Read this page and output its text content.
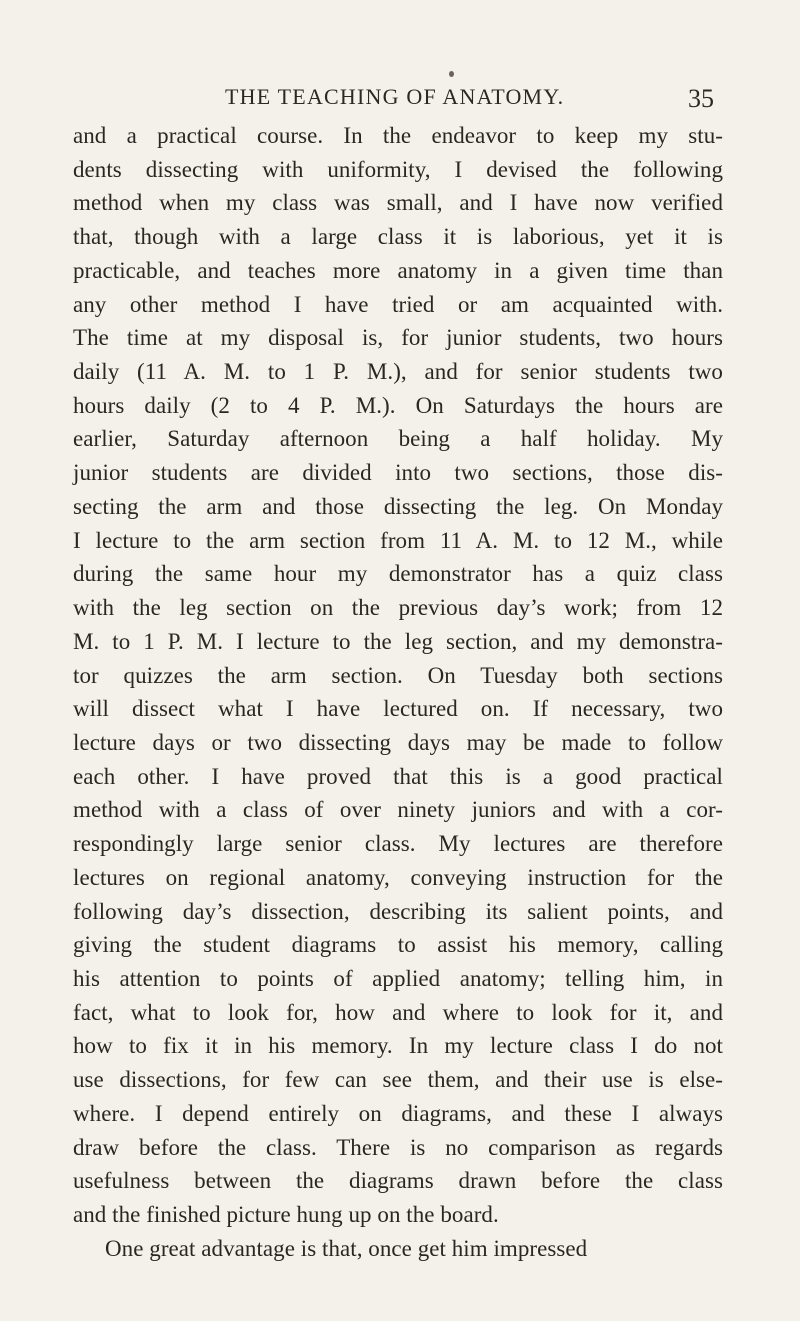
THE TEACHING OF ANATOMY.	35
and a practical course. In the endeavor to keep my stu-
dents dissecting with uniformity, I devised the following
method when my class was small, and I have now verified
that, though with a large class it is laborious, yet it is
practicable, and teaches more anatomy in a given time than
any other method I have tried or am acquainted with.
The time at my disposal is, for junior students, two hours
daily (11 A. M. to 1 P. M.), and for senior students two
hours daily (2 to 4 P. M.). On Saturdays the hours are
earlier, Saturday afternoon being a half holiday. My
junior students are divided into two sections, those dis-
secting the arm and those dissecting the leg. On Monday
I lecture to the arm section from 11 A. M. to 12 M., while
during the same hour my demonstrator has a quiz class
with the leg section on the previous day’s work; from 12
M. to 1 P. M. I lecture to the leg section, and my demonstra-
tor quizzes the arm section. On Tuesday both sections
will dissect what I have lectured on. If necessary, two
lecture days or two dissecting days may be made to follow
each other. I have proved that this is a good practical
method with a class of over ninety juniors and with a cor-
respondingly large senior class. My lectures are therefore
lectures on regional anatomy, conveying instruction for the
following day’s dissection, describing its salient points, and
giving the student diagrams to assist his memory, calling
his attention to points of applied anatomy; telling him, in
fact, what to look for, how and where to look for it, and
how to fix it in his memory. In my lecture class I do not
use dissections, for few can see them, and their use is else-
where. I depend entirely on diagrams, and these I always
draw before the class. There is no comparison as regards
usefulness between the diagrams drawn before the class
and the finished picture hung up on the board.
One great advantage is that, once get him impressed
